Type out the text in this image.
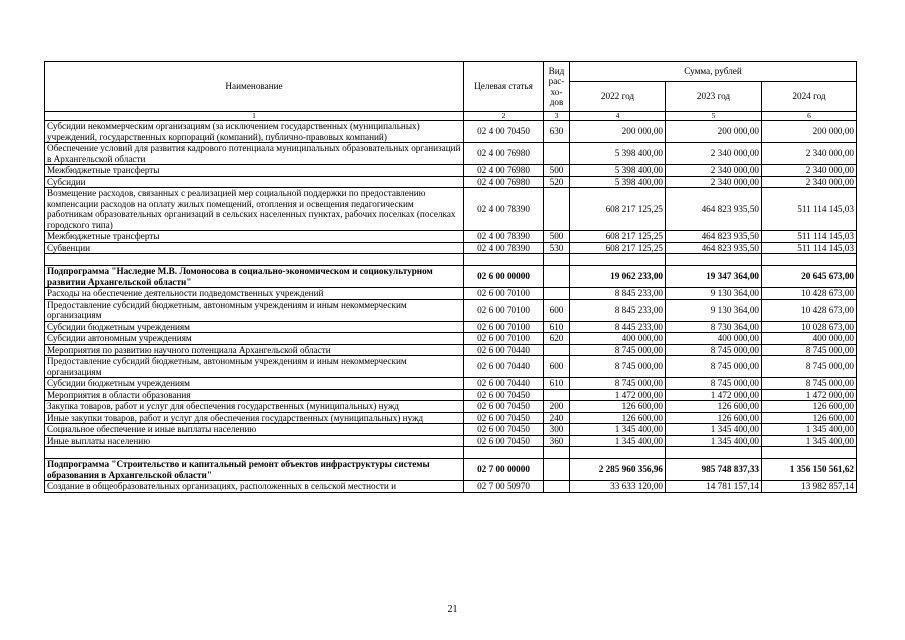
Наименование	Целевая статья	Вид рас-хо-дов	Сумма, рублей		
			2022 год	2023 год	2024 год
1	2	3	4	5	6
Субсидии некоммерческим организациям (за исключением государственных (муниципальных) учреждений, государственных корпораций (компаний), публично-правовых компаний)	02 4 00 70450	630	200 000,00	200 000,00	200 000,00
Обеспечение условий для развития кадрового потенциала муниципальных образовательных организаций в Архангельской области	02 4 00 76980		5 398 400,00	2 340 000,00	2 340 000,00
Межбюджетные трансферты	02 4 00 76980	500	5 398 400,00	2 340 000,00	2 340 000,00
Субсидии	02 4 00 76980	520	5 398 400,00	2 340 000,00	2 340 000,00
Возмещение расходов, связанных с реализацией мер социальной поддержки по предоставлению компенсации расходов на оплату жилых помещений, отопления и освещения педагогическим работникам образовательных организаций в сельских населенных пунктах, рабочих поселках (поселках городского типа)	02 4 00 78390		608 217 125,25	464 823 935,50	511 114 145,03
Межбюджетные трансферты	02 4 00 78390	500	608 217 125,25	464 823 935,50	511 114 145,03
Субвенции	02 4 00 78390	530	608 217 125,25	464 823 935,50	511 114 145,03

Подпрограмма "Наследие М.В. Ломоносова в социально-экономическом и социокультурном развитии Архангельской области"	02 6 00 00000		19 062 233,00	19 347 364,00	20 645 673,00
Расходы на обеспечение деятельности подведомственных учреждений	02 6 00 70100		8 845 233,00	9 130 364,00	10 428 673,00
Предоставление субсидий бюджетным, автономным учреждениям и иным некоммерческим организациям	02 6 00 70100	600	8 845 233,00	9 130 364,00	10 428 673,00
Субсидии бюджетным учреждениям	02 6 00 70100	610	8 445 233,00	8 730 364,00	10 028 673,00
Субсидии автономным учреждениям	02 6 00 70100	620	400 000,00	400 000,00	400 000,00
Мероприятия по развитию научного потенциала Архангельской области	02 6 00 70440		8 745 000,00	8 745 000,00	8 745 000,00
Предоставление субсидий бюджетным, автономным учреждениям и иным некоммерческим организациям	02 6 00 70440	600	8 745 000,00	8 745 000,00	8 745 000,00
Субсидии бюджетным учреждениям	02 6 00 70440	610	8 745 000,00	8 745 000,00	8 745 000,00
Мероприятия в области образования	02 6 00 70450		1 472 000,00	1 472 000,00	1 472 000,00
Закупка товаров, работ и услуг для обеспечения государственных (муниципальных) нужд	02 6 00 70450	200	126 600,00	126 600,00	126 600,00
Иные закупки товаров, работ и услуг для обеспечения государственных (муниципальных) нужд	02 6 00 70450	240	126 600,00	126 600,00	126 600,00
Социальное обеспечение и иные выплаты населению	02 6 00 70450	300	1 345 400,00	1 345 400,00	1 345 400,00
Иные выплаты населению	02 6 00 70450	360	1 345 400,00	1 345 400,00	1 345 400,00

Подпрограмма "Строительство и капитальный ремонт объектов инфраструктуры системы образования в Архангельской области"	02 7 00 00000		2 285 960 356,96	985 748 837,33	1 356 150 561,62
Создание в общеобразовательных организациях, расположенных в сельской местности и	02 7 00 50970		33 633 120,00	14 781 157,14	13 982 857,14
21
